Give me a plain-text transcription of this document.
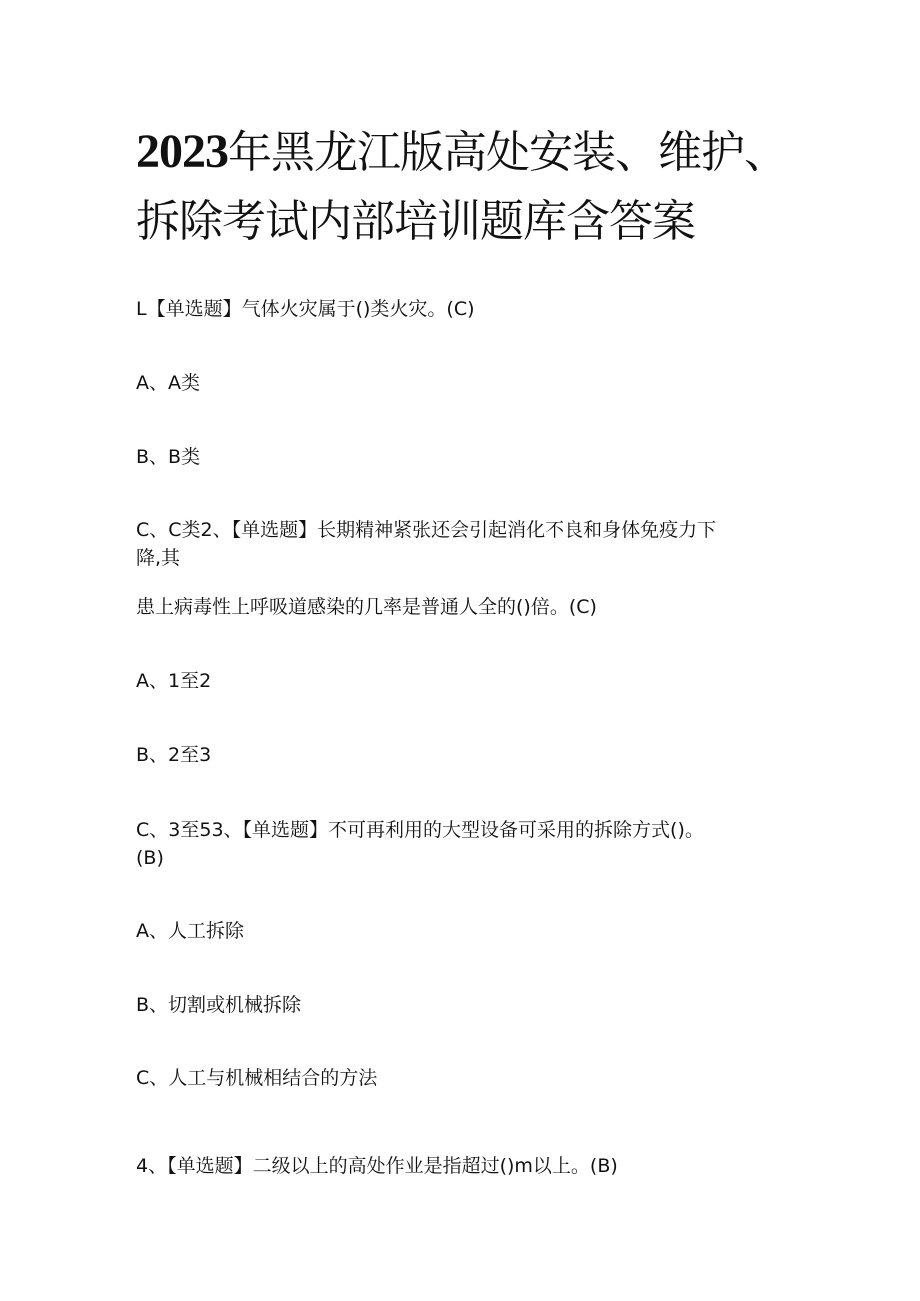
2023年黑龙江版高处安装、维护、
拆除考试内部培训题库含答案
L【单选题】气体火灾属于()类火灾。(C)
A、A类
B、B类
C、C类2、【单选题】长期精神紧张还会引起消化不良和身体免疫力下
降,其
患上病毒性上呼吸道感染的几率是普通人全的()倍。(C)
A、1至2
B、2至3
C、3至53、【单选题】不可再利用的大型设备可采用的拆除方式()。
(B)
A、人工拆除
B、切割或机械拆除
C、人工与机械相结合的方法
4、【单选题】二级以上的高处作业是指超过()m以上。(B)
